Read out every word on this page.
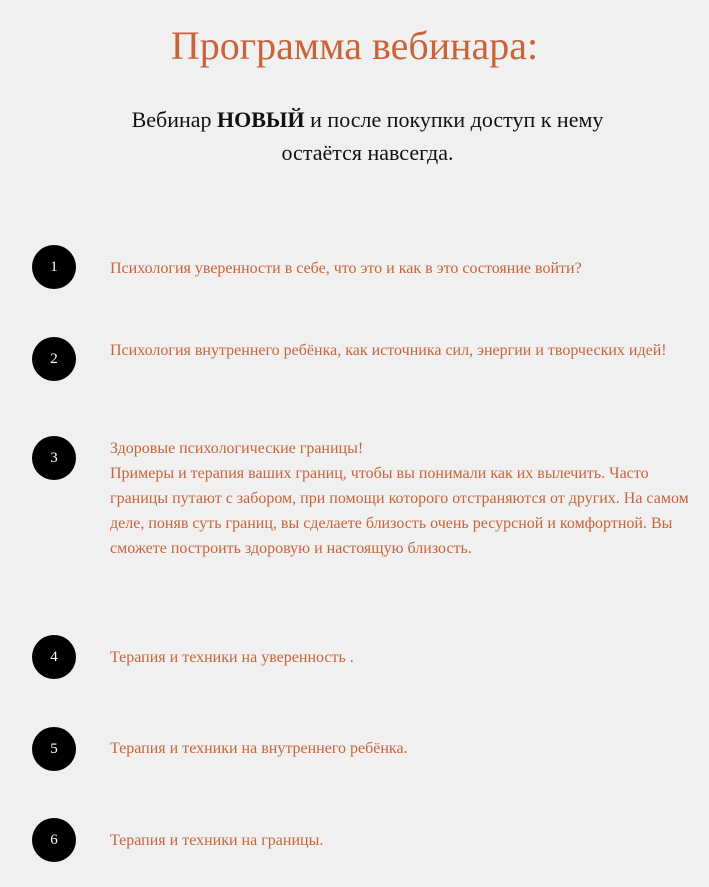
Программа вебинара:

Вебинар НОВЫЙ и после покупки доступ к нему остаётся навсегда.

1	Психология уверенности в себе, что это и как в это состояние войти?

2	Психология внутреннего ребёнка, как источника сил, энергии и творческих идей!

3

Здоровые психологические границы!

Примеры и терапия ваших границ, чтобы вы понимали как их вылечить. Часто границы путают с забором, при помощи которого отстраняются от других. На самом деле, поняв суть границ, вы сделаете близость очень ресурсной и комфортной. Вы сможете построить здоровую и настоящую близость.

4	Терапия и техники на уверенность .

5	Терапия и техники на внутреннего ребёнка.

6	Терапия и техники на границы.
